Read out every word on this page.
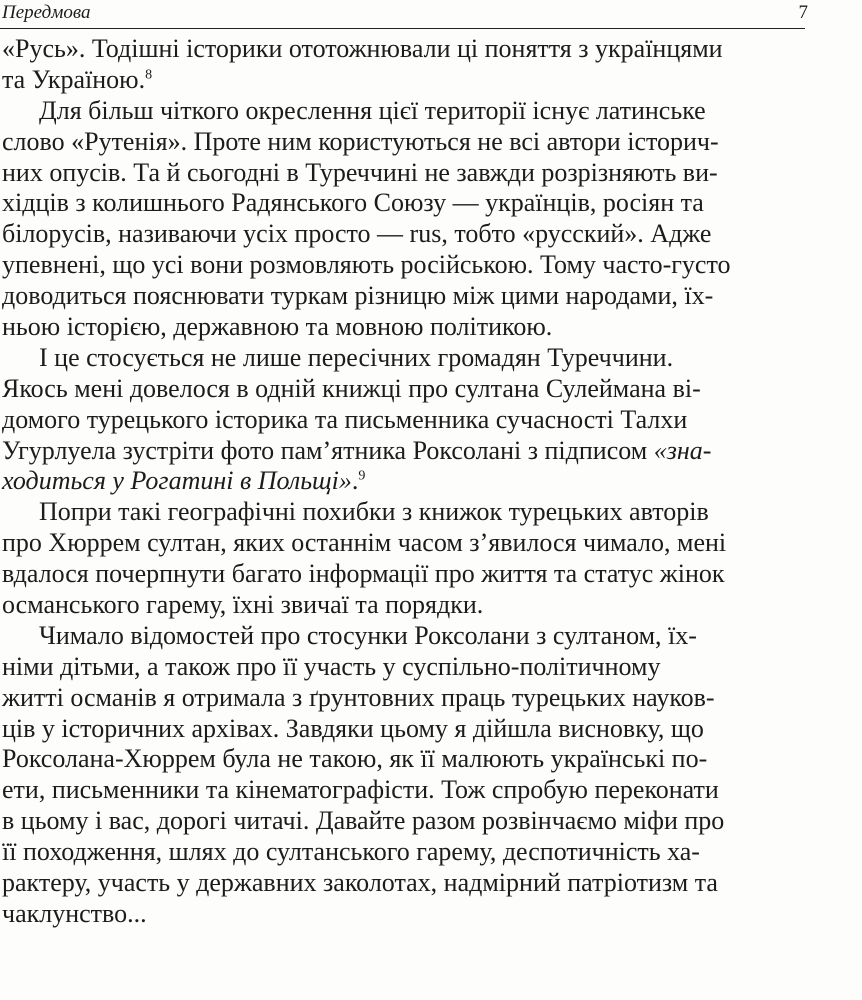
Передмова	7
«Русь». Тодішні історики ототожнювали ці поняття з українцями
та Україною.$^8$
Для більш чіткого окреслення цієї території існує латинське
слово «Рутенія». Проте ним користуються не всі автори історич-
них опусів. Та й сьогодні в Туреччині не завжди розрізняють ви-
хідців з колишнього Радянського Союзу — українців, росіян та
білорусів, називаючи усіх просто — rus, тобто «русский». Адже
упевнені, що усі вони розмовляють російською. Тому часто-густо
доводиться пояснювати туркам різницю між цими народами, їх-
ньою історією, державною та мовною політикою.
І це стосується не лише пересічних громадян Туреччини.
Якось мені довелося в одній книжці про султана Сулеймана ві-
домого турецького історика та письменника сучасності Талхи
Угурлуела зустріти фото пам’ятника Роксолані з підписом «зна-
ходиться у Рогатині в Польщі».$^9$
Попри такі географічні похибки з книжок турецьких авторів
про Хюррем султан, яких останнім часом з’явилося чимало, мені
вдалося почерпнути багато інформації про життя та статус жінок
османського гарему, їхні звичаї та порядки.
Чимало відомостей про стосунки Роксолани з султаном, їх-
німи дітьми, а також про її участь у суспільно-політичному
житті османів я отримала з ґрунтовних праць турецьких науков-
ців у історичних архівах. Завдяки цьому я дійшла висновку, що
Роксолана-Хюррем була не такою, як її малюють українські по-
ети, письменники та кінематографісти. Тож спробую переконати
в цьому і вас, дорогі читачі. Давайте разом розвінчаємо міфи про
її походження, шлях до султанського гарему, деспотичність ха-
рактеру, участь у державних заколотах, надмірний патріотизм та
чаклунство...
